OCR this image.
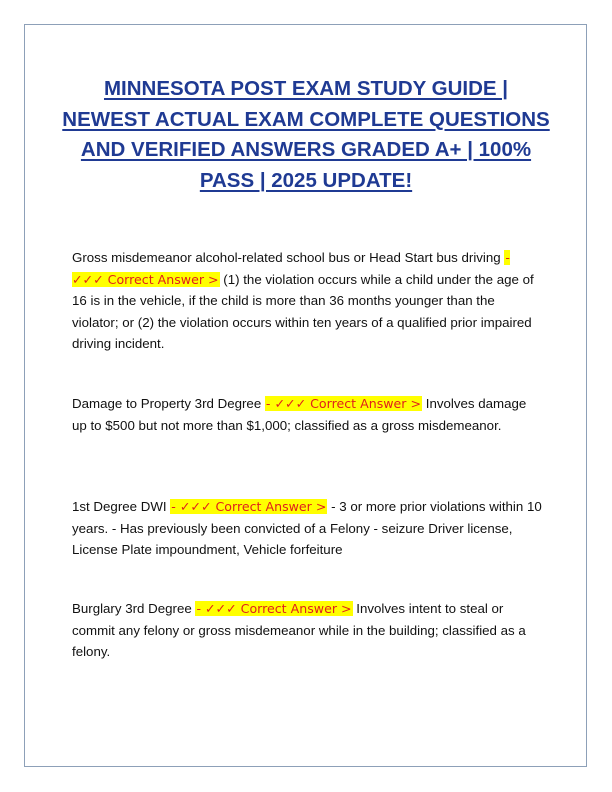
MINNESOTA POST EXAM STUDY GUIDE | NEWEST ACTUAL EXAM COMPLETE QUESTIONS AND VERIFIED ANSWERS GRADED A+ | 100% PASS | 2025 UPDATE!

Gross misdemeanor alcohol-related school bus or Head Start bus driving - ✓✓✓ Correct Answer > (1) the violation occurs while a child under the age of 16 is in the vehicle, if the child is more than 36 months younger than the violator; or (2) the violation occurs within ten years of a qualified prior impaired driving incident.

Damage to Property 3rd Degree - ✓✓✓ Correct Answer > Involves damage up to $500 but not more than $1,000; classified as a gross misdemeanor.

1st Degree DWI - ✓✓✓ Correct Answer > - 3 or more prior violations within 10 years. - Has previously been convicted of a Felony - seizure Driver license, License Plate impoundment, Vehicle forfeiture

Burglary 3rd Degree - ✓✓✓ Correct Answer > Involves intent to steal or commit any felony or gross misdemeanor while in the building; classified as a felony.
